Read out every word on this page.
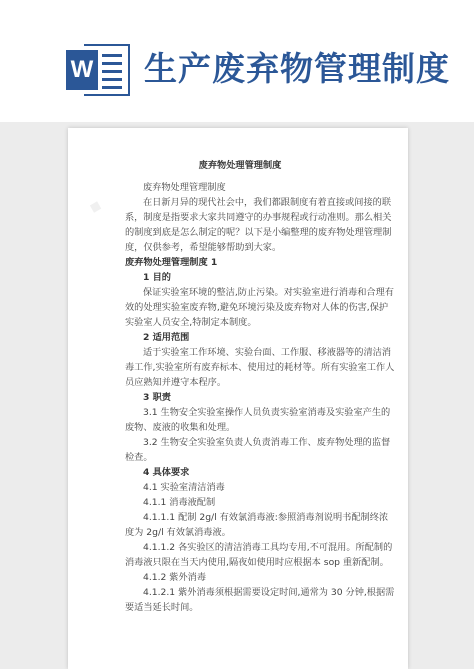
W 生产废弃物管理制度
■

废弃物处理管理制度

废弃物处理管理制度

在日新月异的现代社会中，我们都跟制度有着直接或间接的联系，制度是指要求大家共同遵守的办事规程或行动准则。那么相关的制度到底是怎么制定的呢？以下是小编整理的废弃物处理管理制度，仅供参考，希望能够帮助到大家。

废弃物处理管理制度 1

1 目的

保证实验室环境的整洁,防止污染。对实验室进行消毒和合理有效的处理实验室废弃物,避免环境污染及废弃物对人体的伤害,保护实验室人员安全,特制定本制度。

2 适用范围

适于实验室工作环境、实验台面、工作服、移液器等的清洁消毒工作,实验室所有废弃标本、使用过的耗材等。所有实验室工作人员应熟知并遵守本程序。

3 职责

3.1 生物安全实验室操作人员负责实验室消毒及实验室产生的废物、废液的收集和处理。

3.2 生物安全实验室负责人负责消毒工作、废弃物处理的监督检查。

4 具体要求

4.1 实验室清洁消毒

4.1.1 消毒液配制

4.1.1.1 配制 2g/l 有效氯消毒液:参照消毒剂说明书配制终浓度为 2g/l 有效氯消毒液。

4.1.1.2 各实验区的清洁消毒工具均专用,不可混用。所配制的消毒液只限在当天内使用,隔夜如使用时应根据本 sop 重新配制。

4.1.2 紫外消毒

4.1.2.1 紫外消毒须根据需要设定时间,通常为 30 分钟,根据需要适当延长时间。
